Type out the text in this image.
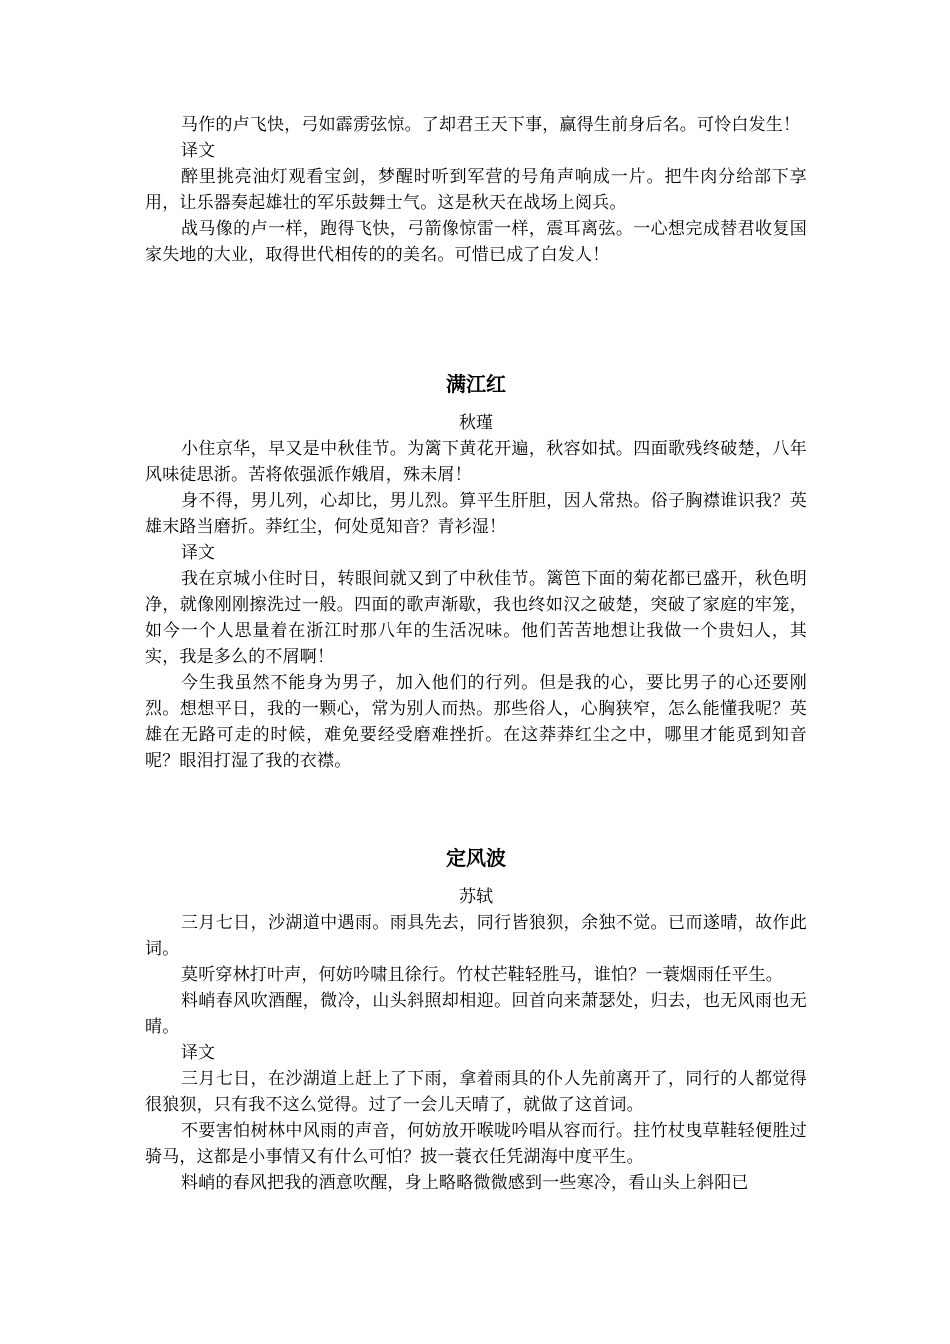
马作的卢飞快，弓如霹雳弦惊。了却君王天下事，赢得生前身后名。可怜白发生！

译文

醉里挑亮油灯观看宝剑，梦醒时听到军营的号角声响成一片。把牛肉分给部下享用，让乐器奏起雄壮的军乐鼓舞士气。这是秋天在战场上阅兵。

战马像的卢一样，跑得飞快，弓箭像惊雷一样，震耳离弦。一心想完成替君收复国家失地的大业，取得世代相传的的美名。可惜已成了白发人！

满江红

秋瑾

小住京华，早又是中秋佳节。为篱下黄花开遍，秋容如拭。四面歌残终破楚，八年风味徒思浙。苦将侬强派作娥眉，殊未屑！

身不得，男儿列，心却比，男儿烈。算平生肝胆，因人常热。俗子胸襟谁识我？英雄末路当磨折。莽红尘，何处觅知音？青衫湿！

译文

我在京城小住时日，转眼间就又到了中秋佳节。篱笆下面的菊花都已盛开，秋色明净，就像刚刚擦洗过一般。四面的歌声渐歇，我也终如汉之破楚，突破了家庭的牢笼，如今一个人思量着在浙江时那八年的生活况味。他们苦苦地想让我做一个贵妇人，其实，我是多么的不屑啊！

今生我虽然不能身为男子，加入他们的行列。但是我的心，要比男子的心还要刚烈。想想平日，我的一颗心，常为别人而热。那些俗人，心胸狭窄，怎么能懂我呢？英雄在无路可走的时候，难免要经受磨难挫折。在这莽莽红尘之中，哪里才能觅到知音呢？眼泪打湿了我的衣襟。

定风波

苏轼

三月七日，沙湖道中遇雨。雨具先去，同行皆狼狈，余独不觉。已而遂晴，故作此词。

莫听穿林打叶声，何妨吟啸且徐行。竹杖芒鞋轻胜马，谁怕？一蓑烟雨任平生。

料峭春风吹酒醒，微冷，山头斜照却相迎。回首向来萧瑟处，归去，也无风雨也无晴。

译文

三月七日，在沙湖道上赶上了下雨，拿着雨具的仆人先前离开了，同行的人都觉得很狼狈，只有我不这么觉得。过了一会儿天晴了，就做了这首词。

不要害怕树林中风雨的声音，何妨放开喉咙吟唱从容而行。拄竹杖曳草鞋轻便胜过骑马，这都是小事情又有什么可怕？披一蓑衣任凭湖海中度平生。

料峭的春风把我的酒意吹醒，身上略略微微感到一些寒冷，看山头上斜阳已
